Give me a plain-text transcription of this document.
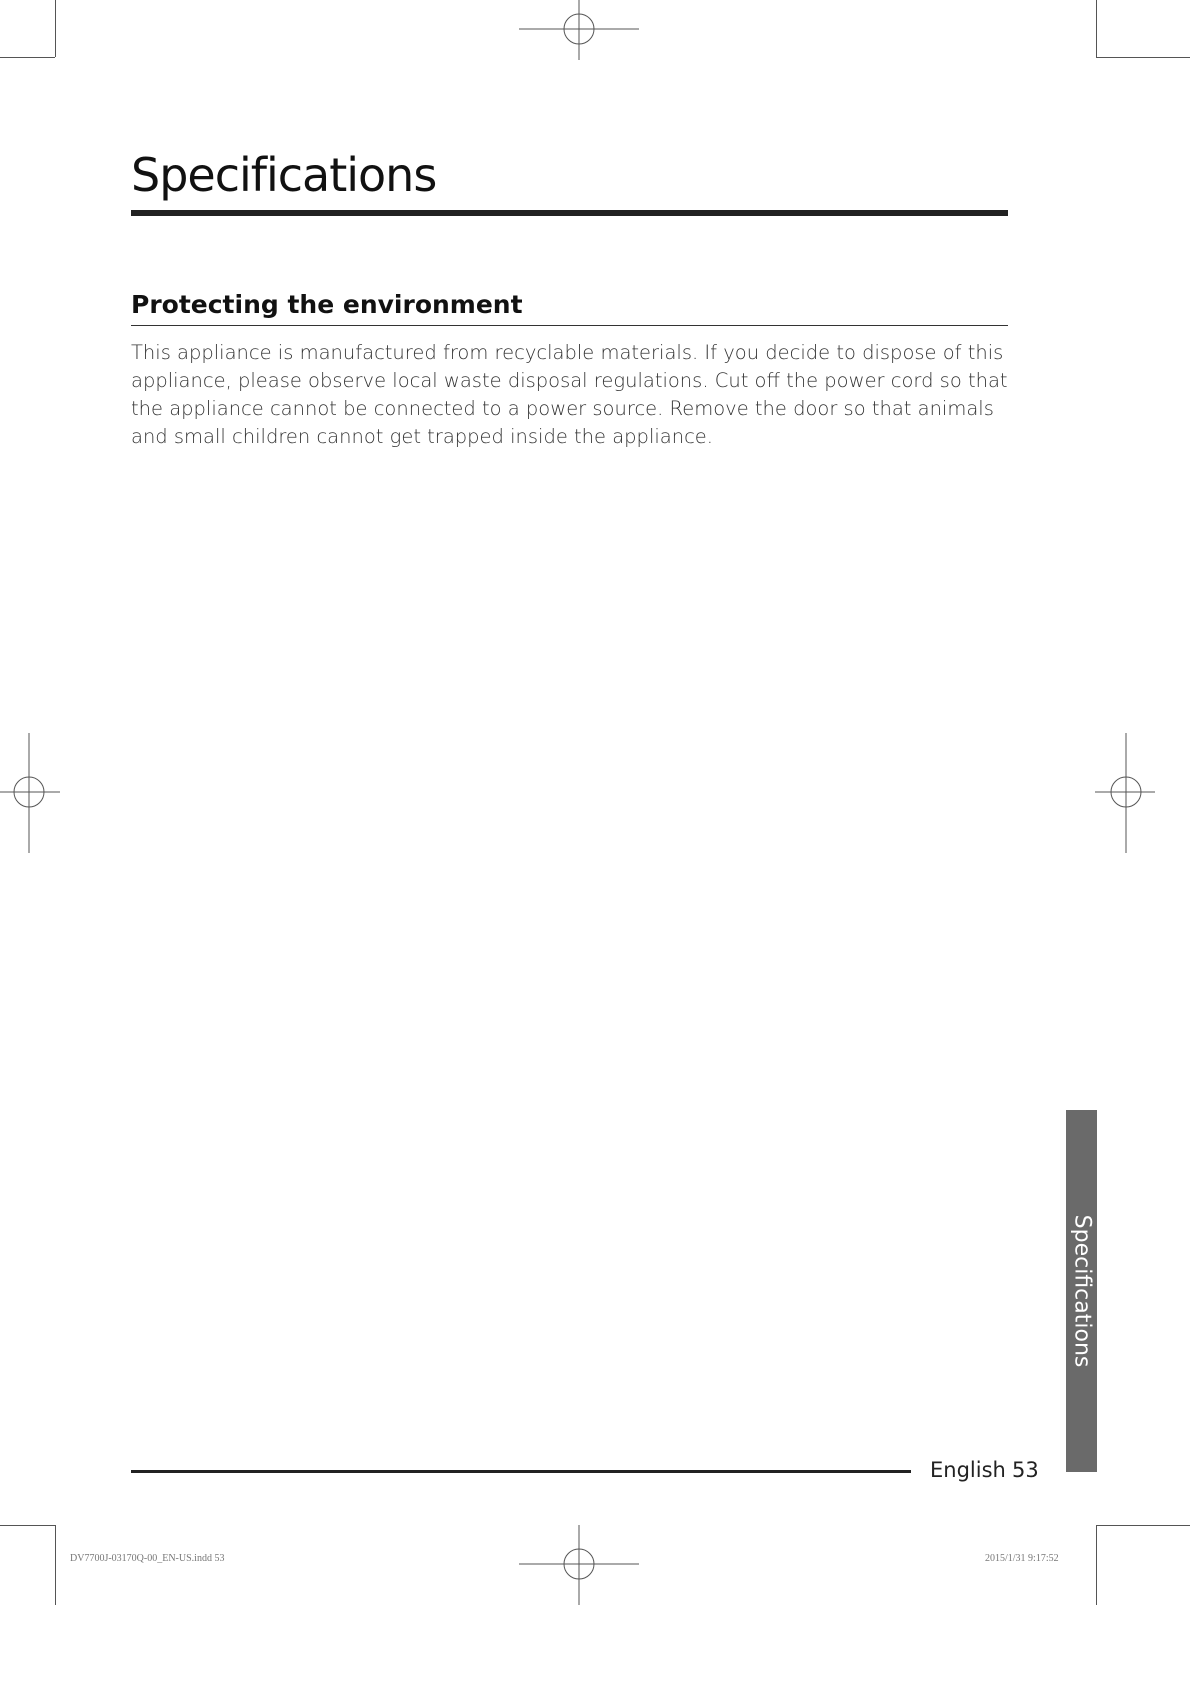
Specifications
Protecting the environment

This appliance is manufactured from recyclable materials. If you decide to dispose of this appliance, please observe local waste disposal regulations. Cut off the power cord so that the appliance cannot be connected to a power source. Remove the door so that animals and small children cannot get trapped inside the appliance.

Specifications
English 53
DV7700J-03170Q-00_EN-US.indd 53	2015/1/31 9:17:52
